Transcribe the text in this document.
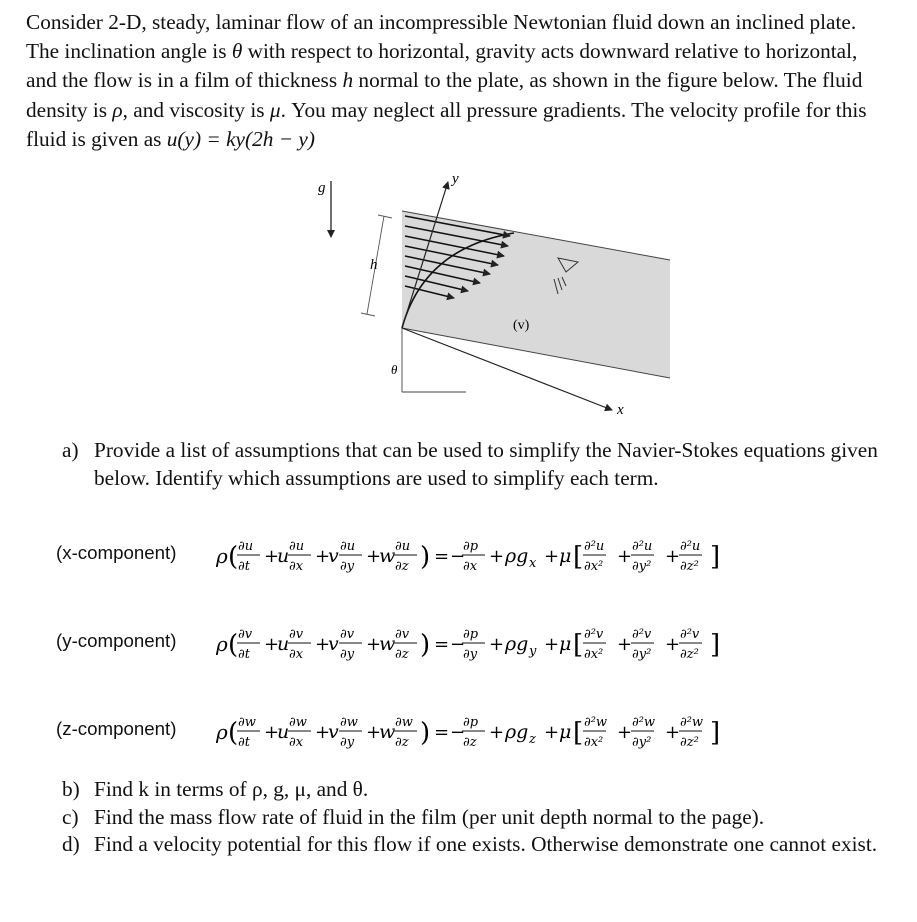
Consider 2-D, steady, laminar flow of an incompressible Newtonian fluid down an inclined plate. The inclination angle is θ with respect to horizontal, gravity acts downward relative to horizontal, and the flow is in a film of thickness h normal to the plate, as shown in the figure below. The fluid density is ρ, and viscosity is μ. You may neglect all pressure gradients. The velocity profile for this fluid is given as u(y) = ky(2h − y)

g
y
h
θ
(v)
x
a) Provide a list of assumptions that can be used to simplify the Navier-Stokes equations given below. Identify which assumptions are used to simplify each term.
(x-component) ρ ( ∂u
∂t +
u ∂u
∂x +
v ∂u
∂y +
w ∂u
∂z ) = −
∂p
∂x + ρg x + μ [ ∂²u
∂x² + ∂²u
∂y² + ∂²u
∂z² ]
(y-component) ρ ( ∂v
∂t +
u ∂v
∂x +
v ∂v
∂y +
w ∂v
∂z ) = −
∂p
∂y + ρg y + μ [ ∂²v
∂x² + ∂²v
∂y² + ∂²v
∂z² ]
(z-component) ρ ( ∂w
∂t +
u ∂w
∂x +
v ∂w
∂y +
w ∂w
∂z ) = −
∂p
∂z + ρg z + μ [ ∂²w
∂x² + ∂²w
∂y² + ∂²w
∂z² ]
b) Find k in terms of ρ, g, μ, and θ.
c) Find the mass flow rate of fluid in the film (per unit depth normal to the page).
d) Find a velocity potential for this flow if one exists. Otherwise demonstrate one cannot exist.
